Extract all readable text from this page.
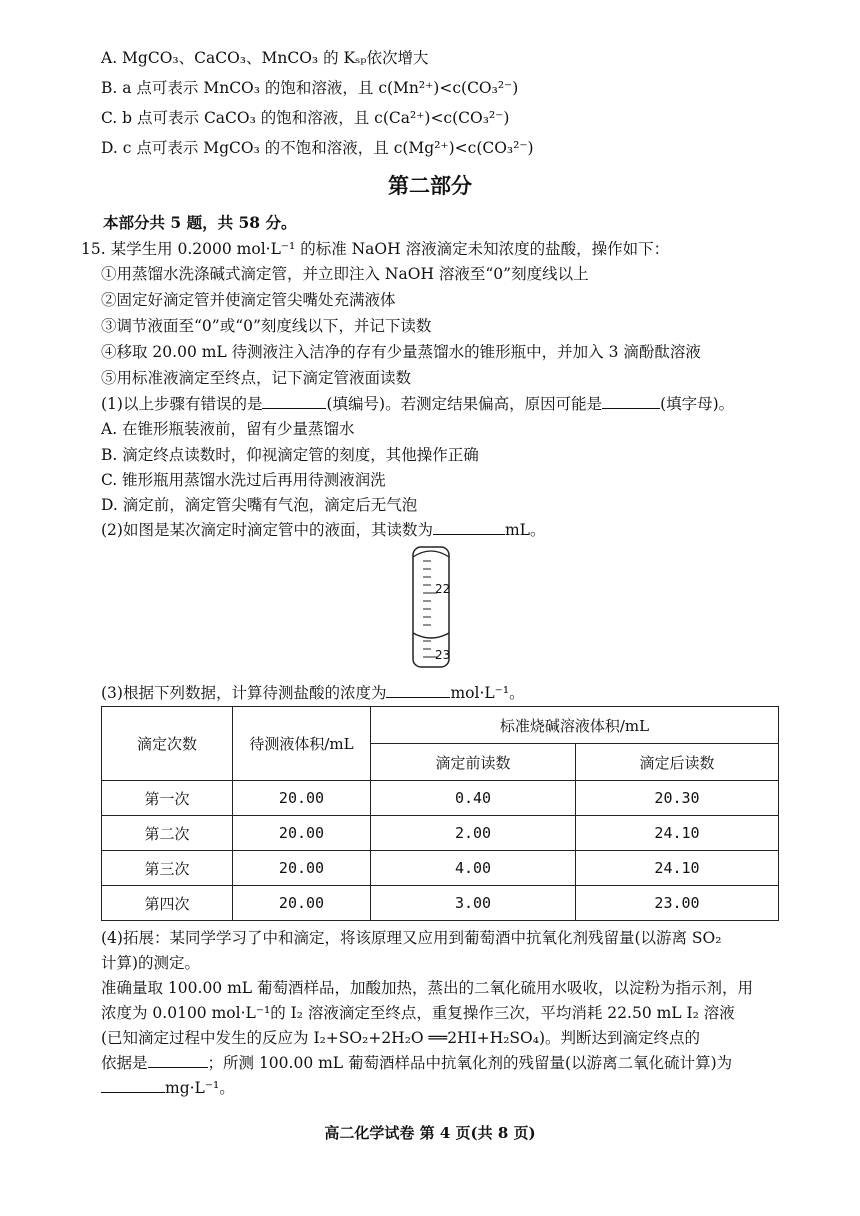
A. MgCO₃、CaCO₃、MnCO₃ 的 Kₛₚ依次增大
B. a 点可表示 MnCO₃ 的饱和溶液，且 c(Mn²⁺)<c(CO₃²⁻)
C. b 点可表示 CaCO₃ 的饱和溶液，且 c(Ca²⁺)<c(CO₃²⁻)
D. c 点可表示 MgCO₃ 的不饱和溶液，且 c(Mg²⁺)<c(CO₃²⁻)
第二部分
本部分共 5 题，共 58 分。
15. 某学生用 0.2000 mol·L⁻¹ 的标准 NaOH 溶液滴定未知浓度的盐酸，操作如下：
①用蒸馏水洗涤碱式滴定管，并立即注入 NaOH 溶液至“0”刻度线以上
②固定好滴定管并使滴定管尖嘴处充满液体
③调节液面至“0”或“0”刻度线以下，并记下读数
④移取 20.00 mL 待测液注入洁净的存有少量蒸馏水的锥形瓶中，并加入 3 滴酚酞溶液
⑤用标准液滴定至终点，记下滴定管液面读数
(1)以上步骤有错误的是	(填编号)。若测定结果偏高，原因可能是	(填字母)。
A. 在锥形瓶装液前，留有少量蒸馏水
B. 滴定终点读数时，仰视滴定管的刻度，其他操作正确
C. 锥形瓶用蒸馏水洗过后再用待测液润洗
D. 滴定前，滴定管尖嘴有气泡，滴定后无气泡
(2)如图是某次滴定时滴定管中的液面，其读数为	mL。
22
23
(3)根据下列数据，计算待测盐酸的浓度为	mol·L⁻¹。
滴定次数	待测液体积/mL	标准烧碱溶液体积/mL	
		滴定前读数	滴定后读数
第一次	20.00	0.40	20.30
第二次	20.00	2.00	24.10
第三次	20.00	4.00	24.10
第四次	20.00	3.00	23.00
(4)拓展：某同学学习了中和滴定，将该原理又应用到葡萄酒中抗氧化剂残留量(以游离 SO₂
计算)的测定。
准确量取 100.00 mL 葡萄酒样品，加酸加热，蒸出的二氧化硫用水吸收，以淀粉为指示剂，用
浓度为 0.0100 mol·L⁻¹的 I₂ 溶液滴定至终点，重复操作三次，平均消耗 22.50 mL I₂ 溶液
(已知滴定过程中发生的反应为 I₂+SO₂+2H₂O ══2HI+H₂SO₄)。判断达到滴定终点的
依据是	；所测 100.00 mL 葡萄酒样品中抗氧化剂的残留量(以游离二氧化硫计算)为
mg·L⁻¹。
高二化学试卷 第 4 页(共 8 页)
